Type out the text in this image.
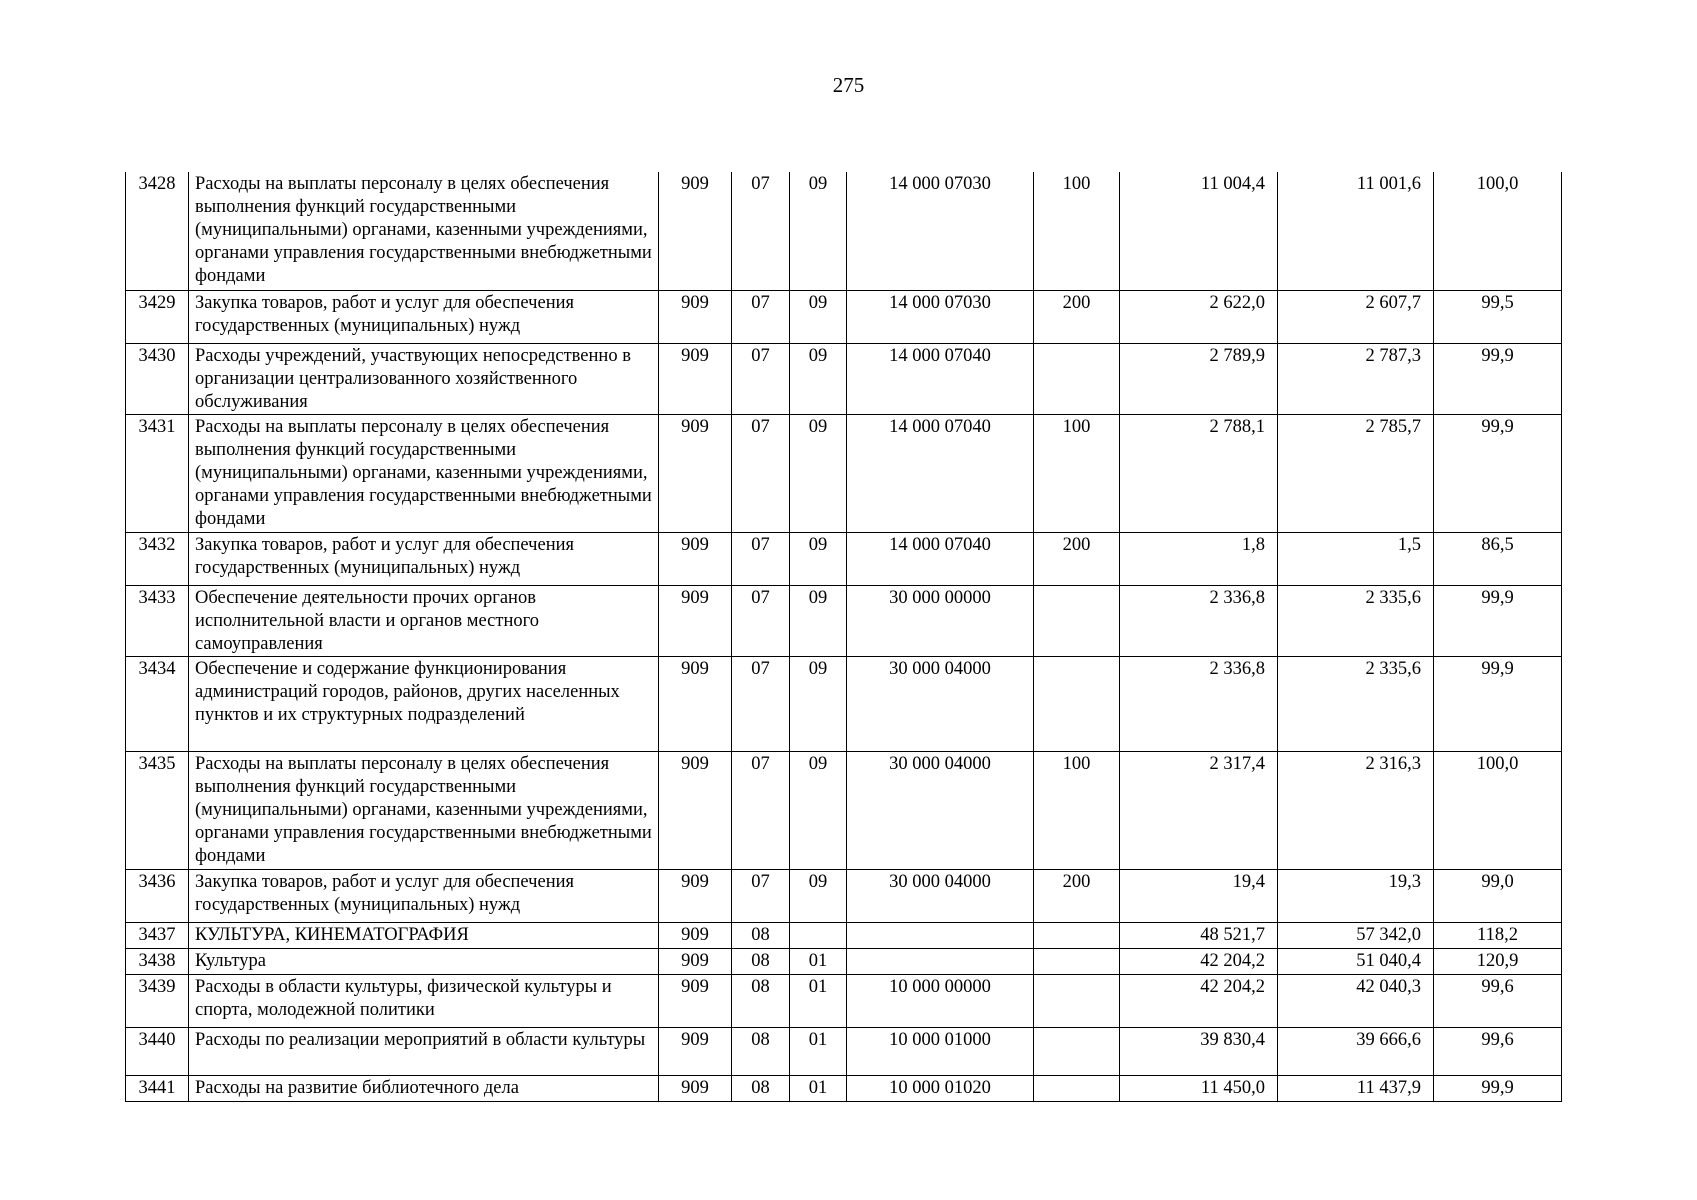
275
3428	Расходы на выплаты персоналу в целях обеспечения выполнения функций государственными (муниципальными) органами, казенными учреждениями, органами управления государственными внебюджетными фондами	909	07	09	14 000 07030	100	11 004,4	11 001,6	100,0
3429	Закупка товаров, работ и услуг для обеспечения государственных (муниципальных) нужд	909	07	09	14 000 07030	200	2 622,0	2 607,7	99,5
3430	Расходы учреждений, участвующих непосредственно в организации централизованного хозяйственного обслуживания	909	07	09	14 000 07040		2 789,9	2 787,3	99,9
3431	Расходы на выплаты персоналу в целях обеспечения выполнения функций государственными (муниципальными) органами, казенными учреждениями, органами управления государственными внебюджетными фондами	909	07	09	14 000 07040	100	2 788,1	2 785,7	99,9
3432	Закупка товаров, работ и услуг для обеспечения государственных (муниципальных) нужд	909	07	09	14 000 07040	200	1,8	1,5	86,5
3433	Обеспечение деятельности прочих органов исполнительной власти и органов местного самоуправления	909	07	09	30 000 00000		2 336,8	2 335,6	99,9
3434	Обеспечение и содержание функционирования администраций городов, районов, других населенных пунктов и их структурных подразделений	909	07	09	30 000 04000		2 336,8	2 335,6	99,9
3435	Расходы на выплаты персоналу в целях обеспечения выполнения функций государственными (муниципальными) органами, казенными учреждениями, органами управления государственными внебюджетными фондами	909	07	09	30 000 04000	100	2 317,4	2 316,3	100,0
3436	Закупка товаров, работ и услуг для обеспечения государственных (муниципальных) нужд	909	07	09	30 000 04000	200	19,4	19,3	99,0
3437	КУЛЬТУРА, КИНЕМАТОГРАФИЯ	909	08				48 521,7	57 342,0	118,2
3438	Культура	909	08	01			42 204,2	51 040,4	120,9
3439	Расходы в области культуры, физической культуры и спорта, молодежной политики	909	08	01	10 000 00000		42 204,2	42 040,3	99,6
3440	Расходы по реализации мероприятий в области культуры	909	08	01	10 000 01000		39 830,4	39 666,6	99,6
3441	Расходы на развитие библиотечного дела	909	08	01	10 000 01020		11 450,0	11 437,9	99,9
